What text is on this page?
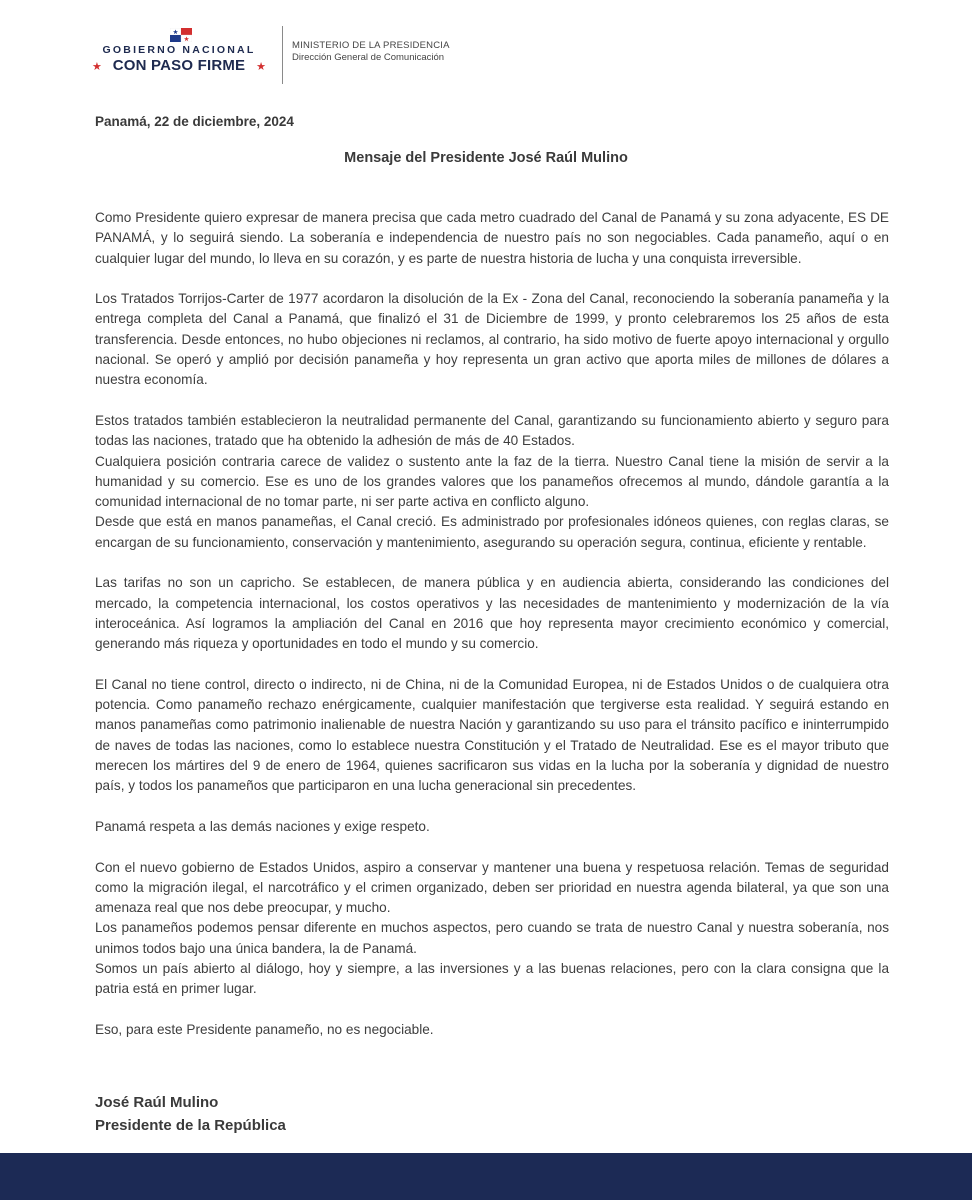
GOBIERNO NACIONAL
★ CON PASO FIRME ★
MINISTERIO DE LA PRESIDENCIA
Dirección General de Comunicación
Panamá, 22 de diciembre, 2024
Mensaje del Presidente José Raúl Mulino

Como Presidente quiero expresar de manera precisa que cada metro cuadrado del Canal de Panamá y su zona adyacente, ES DE PANAMÁ, y lo seguirá siendo. La soberanía e independencia de nuestro país no son negociables. Cada panameño, aquí o en cualquier lugar del mundo, lo lleva en su corazón, y es parte de nuestra historia de lucha y una conquista irreversible.

Los Tratados Torrijos-Carter de 1977 acordaron la disolución de la Ex - Zona del Canal, reconociendo la soberanía panameña y la entrega completa del Canal a Panamá, que finalizó el 31 de Diciembre de 1999, y pronto celebraremos los 25 años de esta transferencia. Desde entonces, no hubo objeciones ni reclamos, al contrario, ha sido motivo de fuerte apoyo internacional y orgullo nacional. Se operó y amplió por decisión panameña y hoy representa un gran activo que aporta miles de millones de dólares a nuestra economía.

Estos tratados también establecieron la neutralidad permanente del Canal, garantizando su funcionamiento abierto y seguro para todas las naciones, tratado que ha obtenido la adhesión de más de 40 Estados.

Cualquiera posición contraria carece de validez o sustento ante la faz de la tierra. Nuestro Canal tiene la misión de servir a la humanidad y su comercio. Ese es uno de los grandes valores que los panameños ofrecemos al mundo, dándole garantía a la comunidad internacional de no tomar parte, ni ser parte activa en conflicto alguno.

Desde que está en manos panameñas, el Canal creció. Es administrado por profesionales idóneos quienes, con reglas claras, se encargan de su funcionamiento, conservación y mantenimiento, asegurando su operación segura, continua, eficiente y rentable.

Las tarifas no son un capricho. Se establecen, de manera pública y en audiencia abierta, considerando las condiciones del mercado, la competencia internacional, los costos operativos y las necesidades de mantenimiento y modernización de la vía interoceánica. Así logramos la ampliación del Canal en 2016 que hoy representa mayor crecimiento económico y comercial, generando más riqueza y oportunidades en todo el mundo y su comercio.

El Canal no tiene control, directo o indirecto, ni de China, ni de la Comunidad Europea, ni de Estados Unidos o de cualquiera otra potencia. Como panameño rechazo enérgicamente, cualquier manifestación que tergiverse esta realidad. Y seguirá estando en manos panameñas como patrimonio inalienable de nuestra Nación y garantizando su uso para el tránsito pacífico e ininterrumpido de naves de todas las naciones, como lo establece nuestra Constitución y el Tratado de Neutralidad. Ese es el mayor tributo que merecen los mártires del 9 de enero de 1964, quienes sacrificaron sus vidas en la lucha por la soberanía y dignidad de nuestro país, y todos los panameños que participaron en una lucha generacional sin precedentes.

Panamá respeta a las demás naciones y exige respeto.

Con el nuevo gobierno de Estados Unidos, aspiro a conservar y mantener una buena y respetuosa relación. Temas de seguridad como la migración ilegal, el narcotráfico y el crimen organizado, deben ser prioridad en nuestra agenda bilateral, ya que son una amenaza real que nos debe preocupar, y mucho.

Los panameños podemos pensar diferente en muchos aspectos, pero cuando se trata de nuestro Canal y nuestra soberanía, nos unimos todos bajo una única bandera, la de Panamá.

Somos un país abierto al diálogo, hoy y siempre, a las inversiones y a las buenas relaciones, pero con la clara consigna que la patria está en primer lugar.

Eso, para este Presidente panameño, no es negociable.

José Raúl Mulino
Presidente de la República
